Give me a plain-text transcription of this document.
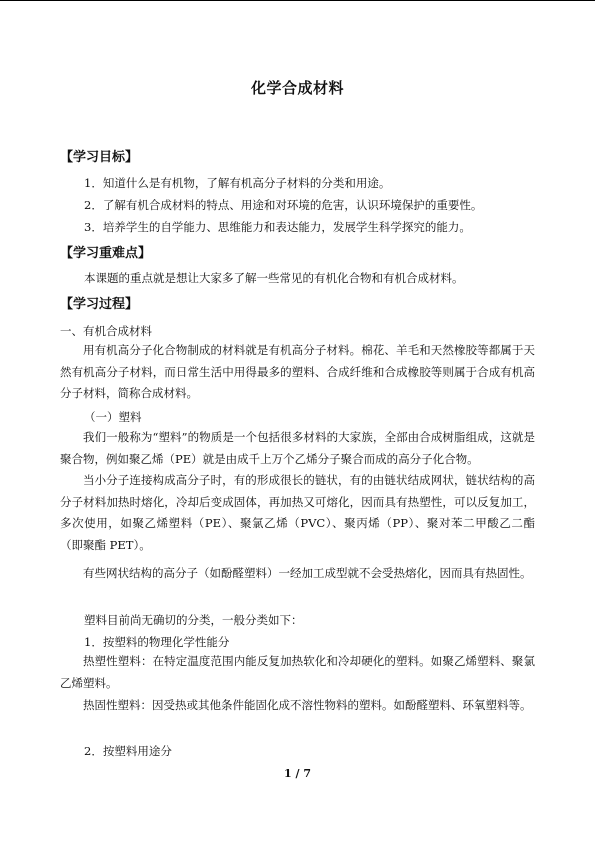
化学合成材料
【学习目标】
1．知道什么是有机物，了解有机高分子材料的分类和用途。
2．了解有机合成材料的特点、用途和对环境的危害，认识环境保护的重要性。
3．培养学生的自学能力、思维能力和表达能力，发展学生科学探究的能力。
【学习重难点】
本课题的重点就是想让大家多了解一些常见的有机化合物和有机合成材料。
【学习过程】
一、有机合成材料
用有机高分子化合物制成的材料就是有机高分子材料。棉花、羊毛和天然橡胶等都属于天然有机高分子材料，而日常生活中用得最多的塑料、合成纤维和合成橡胶等则属于合成有机高分子材料，简称合成材料。
（一）塑料
我们一般称为“塑料”的物质是一个包括很多材料的大家族，全部由合成树脂组成，这就是聚合物，例如聚乙烯（PE）就是由成千上万个乙烯分子聚合而成的高分子化合物。
当小分子连接构成高分子时，有的形成很长的链状，有的由链状结成网状，链状结构的高分子材料加热时熔化，冷却后变成固体，再加热又可熔化，因而具有热塑性，可以反复加工，多次使用，如聚乙烯塑料（PE）、聚氯乙烯（PVC）、聚丙烯（PP）、聚对苯二甲酸乙二酯（即聚酯 PET）。
有些网状结构的高分子（如酚醛塑料）一经加工成型就不会受热熔化，因而具有热固性。
塑料目前尚无确切的分类，一般分类如下：
1．按塑料的物理化学性能分
热塑性塑料：在特定温度范围内能反复加热软化和冷却硬化的塑料。如聚乙烯塑料、聚氯乙烯塑料。
热固性塑料：因受热或其他条件能固化成不溶性物料的塑料。如酚醛塑料、环氧塑料等。
2．按塑料用途分
1 / 7
